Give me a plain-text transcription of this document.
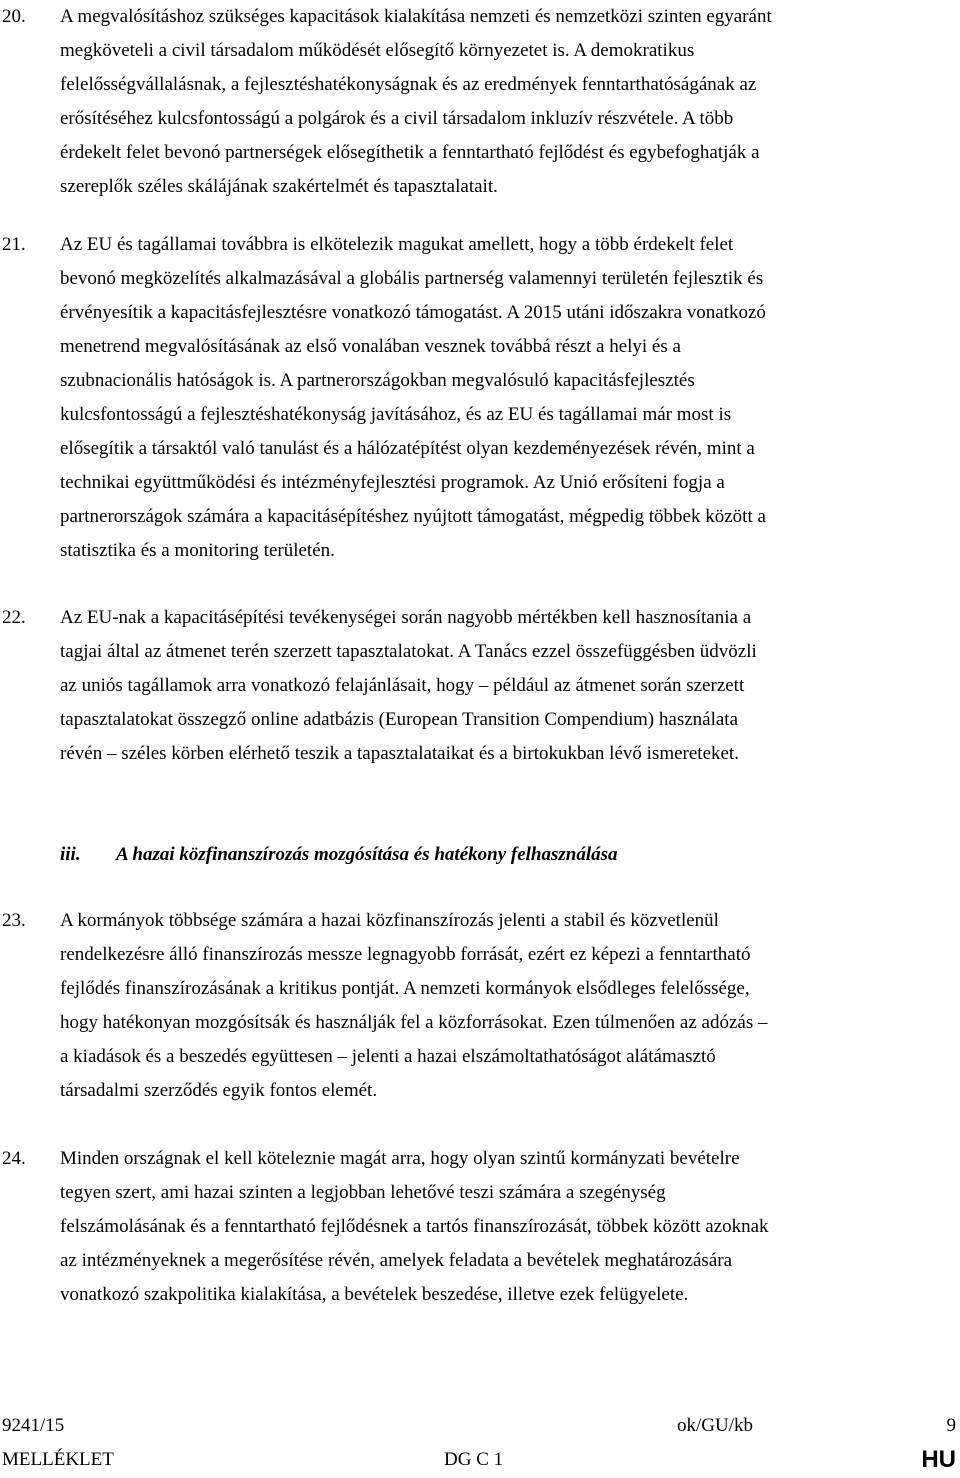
20. A megvalósításhoz szükséges kapacitások kialakítása nemzeti és nemzetközi szinten egyaránt
megköveteli a civil társadalom működését elősegítő környezetet is. A demokratikus
felelősségvállalásnak, a fejlesztéshatékonyságnak és az eredmények fenntarthatóságának az
erősítéséhez kulcsfontosságú a polgárok és a civil társadalom inkluzív részvétele. A több
érdekelt felet bevonó partnerségek elősegíthetik a fenntartható fejlődést és egybefoghatják a
szereplők széles skálájának szakértelmét és tapasztalatait.
21. Az EU és tagállamai továbbra is elkötelezik magukat amellett, hogy a több érdekelt felet
bevonó megközelítés alkalmazásával a globális partnerség valamennyi területén fejlesztik és
érvényesítik a kapacitásfejlesztésre vonatkozó támogatást. A 2015 utáni időszakra vonatkozó
menetrend megvalósításának az első vonalában vesznek továbbá részt a helyi és a
szubnacionális hatóságok is. A partnerországokban megvalósuló kapacitásfejlesztés
kulcsfontosságú a fejlesztéshatékonyság javításához, és az EU és tagállamai már most is
elősegítik a társaktól való tanulást és a hálózatépítést olyan kezdeményezések révén, mint a
technikai együttműködési és intézményfejlesztési programok. Az Unió erősíteni fogja a
partnerországok számára a kapacitásépítéshez nyújtott támogatást, mégpedig többek között a
statisztika és a monitoring területén.
22. Az EU-nak a kapacitásépítési tevékenységei során nagyobb mértékben kell hasznosítania a
tagjai által az átmenet terén szerzett tapasztalatokat. A Tanács ezzel összefüggésben üdvözli
az uniós tagállamok arra vonatkozó felajánlásait, hogy – például az átmenet során szerzett
tapasztalatokat összegző online adatbázis (European Transition Compendium) használata
révén – széles körben elérhető teszik a tapasztalataikat és a birtokukban lévő ismereteket.
iii. A hazai közfinanszírozás mozgósítása és hatékony felhasználása
23. A kormányok többsége számára a hazai közfinanszírozás jelenti a stabil és közvetlenül
rendelkezésre álló finanszírozás messze legnagyobb forrását, ezért ez képezi a fenntartható
fejlődés finanszírozásának a kritikus pontját. A nemzeti kormányok elsődleges felelőssége,
hogy hatékonyan mozgósítsák és használják fel a közforrásokat. Ezen túlmenően az adózás –
a kiadások és a beszedés együttesen – jelenti a hazai elszámoltathatóságot alátámasztó
társadalmi szerződés egyik fontos elemét.
24. Minden országnak el kell köteleznie magát arra, hogy olyan szintű kormányzati bevételre
tegyen szert, ami hazai szinten a legjobban lehetővé teszi számára a szegénység
felszámolásának és a fenntartható fejlődésnek a tartós finanszírozását, többek között azoknak
az intézményeknek a megerősítése révén, amelyek feladata a bevételek meghatározására
vonatkozó szakpolitika kialakítása, a bevételek beszedése, illetve ezek felügyelete.
9241/15	ok/GU/kb	9
MELLÉKLET	DG C 1	HU
